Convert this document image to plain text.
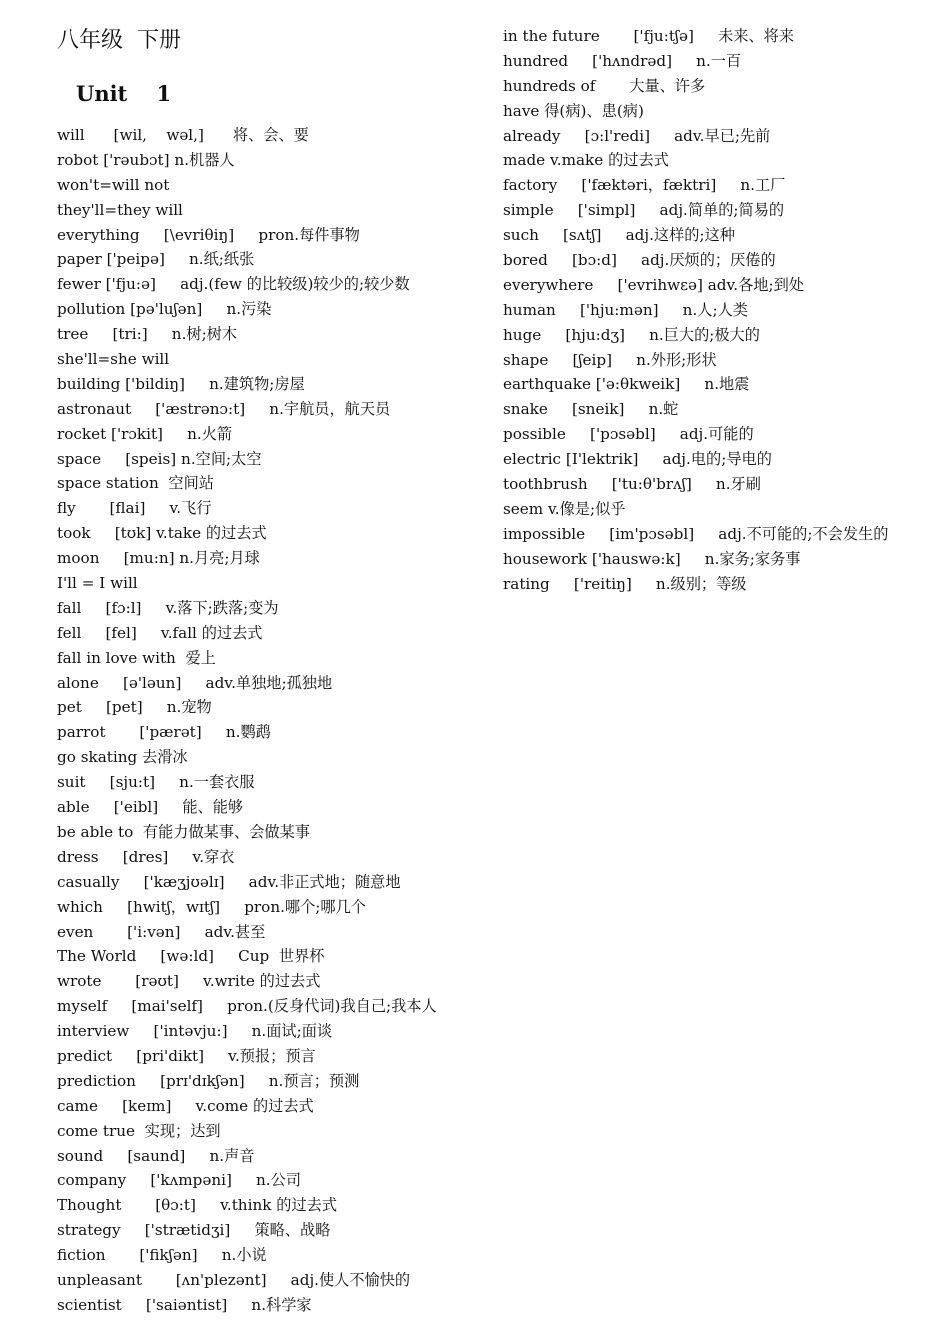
八年级  下册
Unit    1
will      [wil,    wəl,]      将、会、要
robot ['rəubɔt] n.机器人
won't=will not
they'll=they will
everything     [\evriθiŋ]     pron.每件事物
paper ['peipə]     n.纸;纸张
fewer ['fju:ə]     adj.(few 的比较级)较少的;较少数
pollution [pə'luʃən]     n.污染
tree     [tri:]     n.树;树木
she'll=she will
building ['bildiŋ]     n.建筑物;房屋
astronaut     ['æstrənɔ:t]     n.宇航员，航天员
rocket ['rɔkit]     n.火箭
space     [speis] n.空间;太空
space station  空间站
fly       [flai]     v.飞行
took     [tʊk] v.take 的过去式
moon     [mu:n] n.月亮;月球
I'll = I will
fall     [fɔ:l]     v.落下;跌落;变为
fell     [fel]     v.fall 的过去式
fall in love with  爱上
alone     [ə'ləun]     adv.单独地;孤独地
pet     [pet]     n.宠物
parrot       ['pærət]     n.鹦鹉
go skating 去滑冰
suit     [sju:t]     n.一套衣服
able     ['eibl]     能、能够
be able to  有能力做某事、会做某事
dress     [dres]     v.穿衣
casually     ['kæʒjʊəlɪ]     adv.非正式地；随意地
which     [hwitʃ，wɪtʃ]     pron.哪个;哪几个
even       ['i:vən]     adv.甚至
The World     [wə:ld]     Cup  世界杯
wrote       [rəʊt]     v.write 的过去式
myself     [mai'self]     pron.(反身代词)我自己;我本人
interview     ['intəvju:]     n.面试;面谈
predict     [pri'dikt]     v.预报；预言
prediction     [prɪ'dɪkʃən]     n.预言；预测
came     [keɪm]     v.come 的过去式
come true  实现；达到
sound     [saund]     n.声音
company     ['kʌmpəni]     n.公司
Thought       [θɔ:t]     v.think 的过去式
strategy     ['strætidʒi]     策略、战略
fiction       ['fikʃən]     n.小说
unpleasant       [ʌn'plezənt]     adj.使人不愉快的
scientist     ['saiəntist]     n.科学家
in the future       ['fju:tʃə]     未来、将来
hundred     ['hʌndrəd]     n.一百
hundreds of       大量、许多
have 得(病)、患(病)
already     [ɔ:l'redi]     adv.早已;先前
made v.make 的过去式
factory     ['fæktəri，fæktri]     n.工厂
simple     ['simpl]     adj.简单的;简易的
such     [sʌtʃ]     adj.这样的;这种
bored     [bɔ:d]     adj.厌烦的；厌倦的
everywhere     ['evrihwεə] adv.各地;到处
human     ['hju:mən]     n.人;人类
huge     [hju:dʒ]     n.巨大的;极大的
shape     [ʃeip]     n.外形;形状
earthquake ['ə:θkweik]     n.地震
snake     [sneik]     n.蛇
possible     ['pɔsəbl]     adj.可能的
electric [I'lektrik]     adj.电的;导电的
toothbrush     ['tu:θ'brʌʃ]     n.牙刷
seem v.像是;似乎
impossible     [im'pɔsəbl]     adj.不可能的;不会发生的
housework ['hauswə:k]     n.家务;家务事
rating     ['reitiŋ]     n.级别；等级
